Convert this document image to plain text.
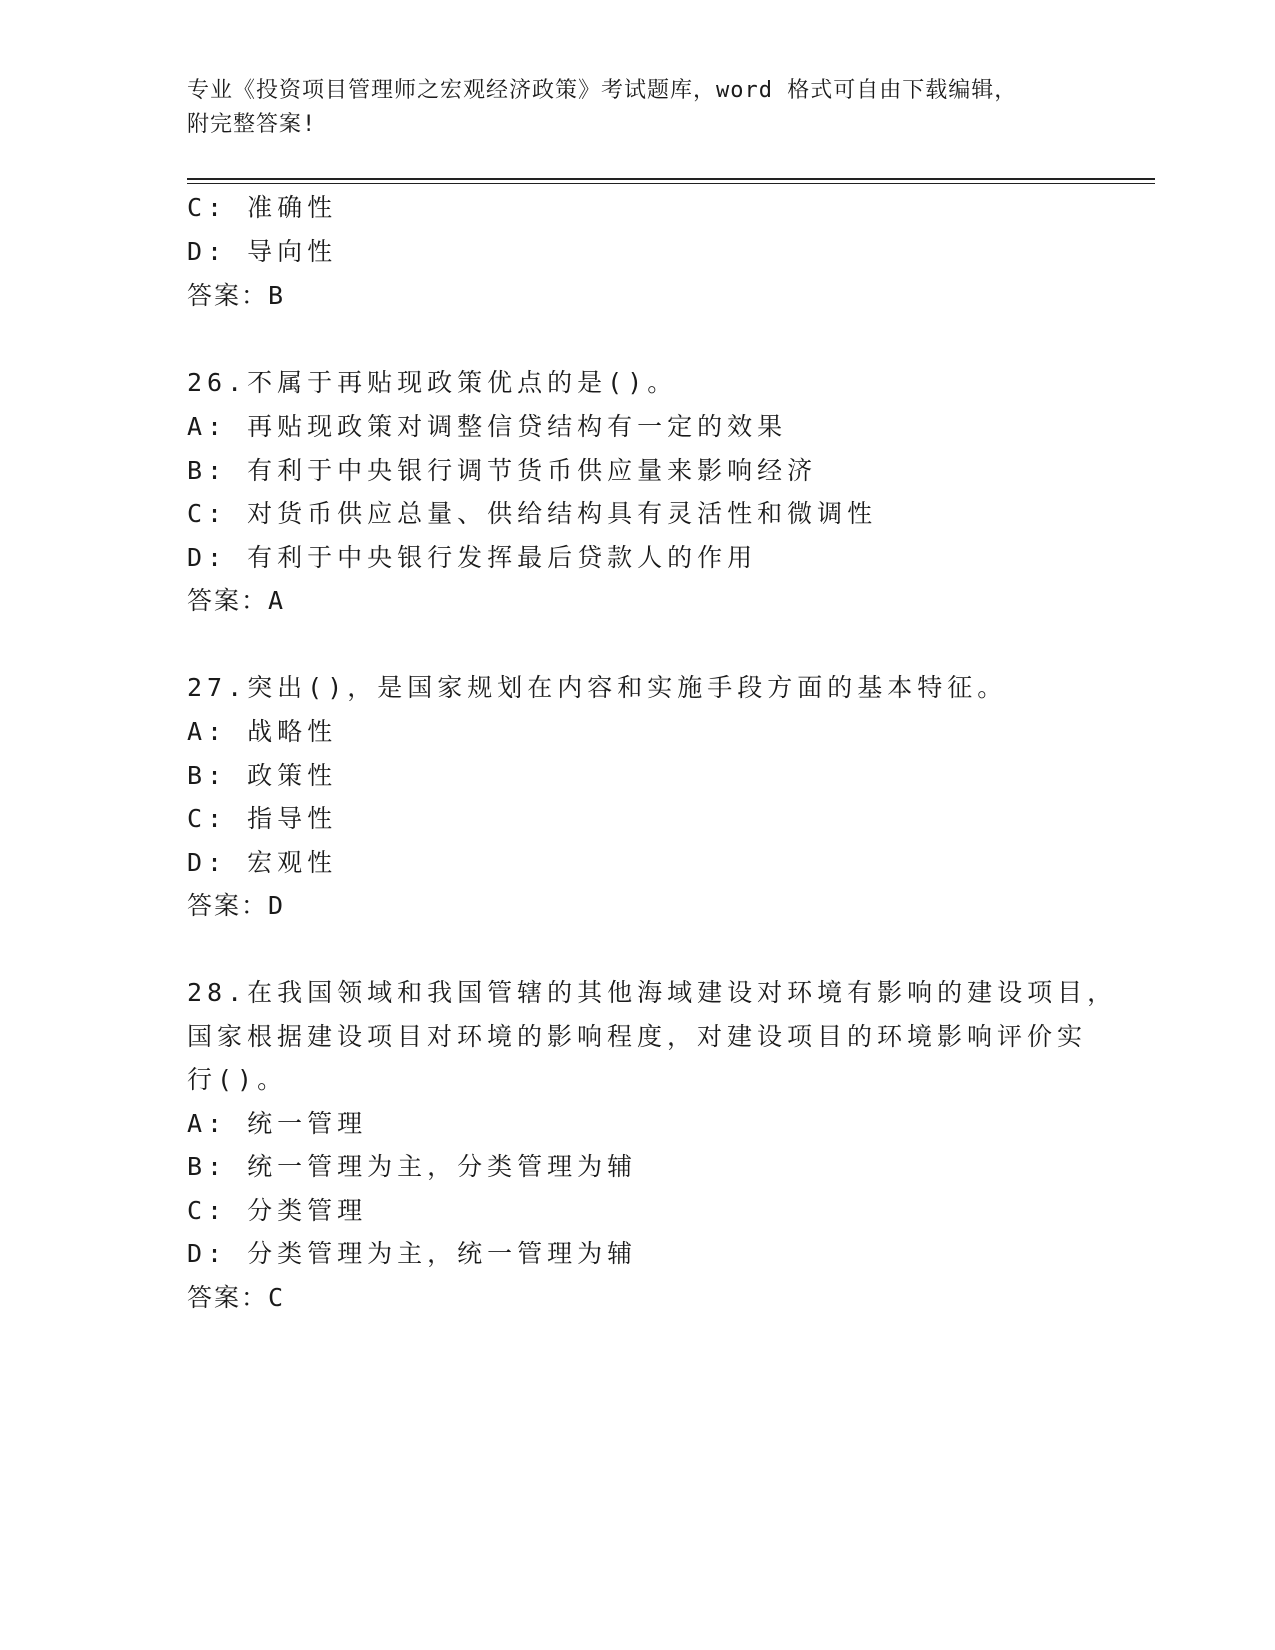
专业《投资项目管理师之宏观经济政策》考试题库，word 格式可自由下载编辑，
附完整答案!
C: 准确性
D: 导向性
答案：B
26.不属于再贴现政策优点的是()。
A: 再贴现政策对调整信贷结构有一定的效果
B: 有利于中央银行调节货币供应量来影响经济
C: 对货币供应总量、供给结构具有灵活性和微调性
D: 有利于中央银行发挥最后贷款人的作用
答案：A
27.突出()，是国家规划在内容和实施手段方面的基本特征。
A: 战略性
B: 政策性
C: 指导性
D: 宏观性
答案：D
28.在我国领域和我国管辖的其他海域建设对环境有影响的建设项目，
国家根据建设项目对环境的影响程度，对建设项目的环境影响评价实
行()。
A: 统一管理
B: 统一管理为主，分类管理为辅
C: 分类管理
D: 分类管理为主，统一管理为辅
答案：C
